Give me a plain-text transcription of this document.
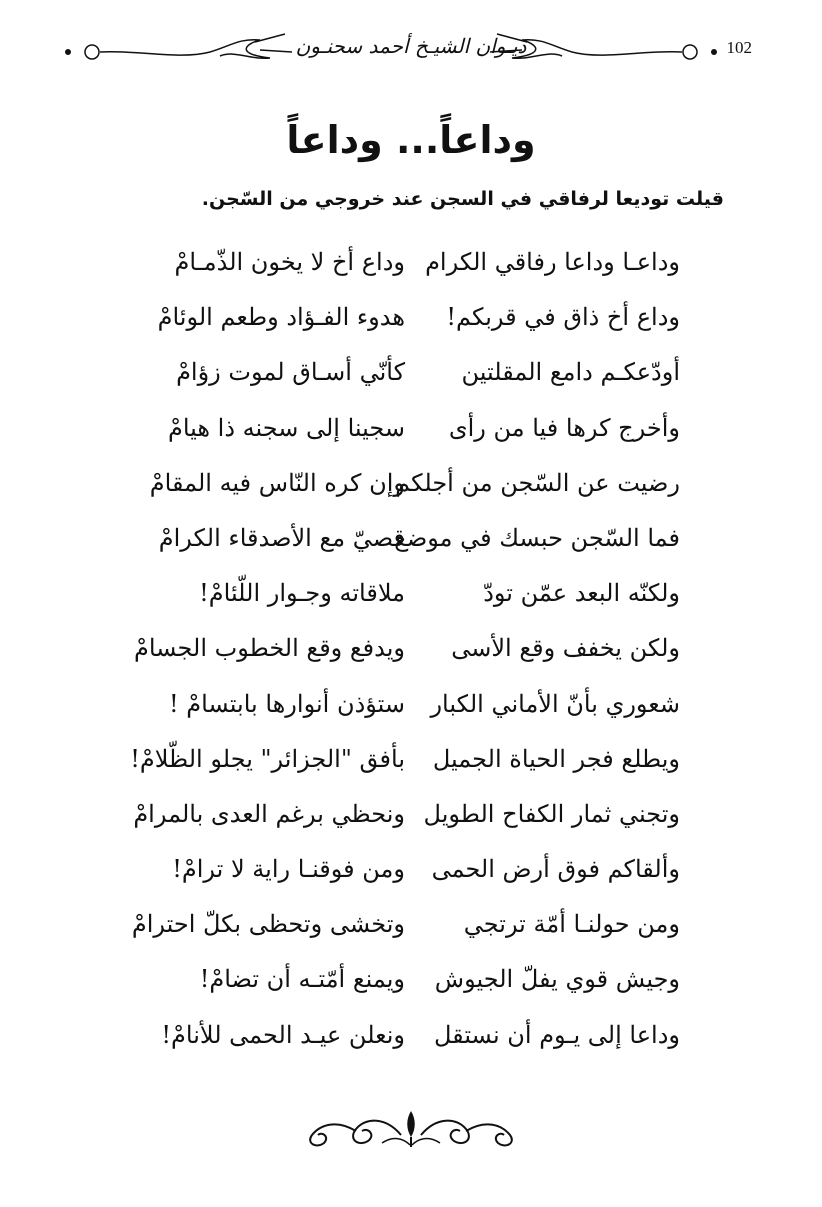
102
ديـوان الشيـخ أحمد سحنـون
وداعاً... وداعاً
قيلت توديعا لرفاقي في السجن عند خروجي من السّجن.
وداعـا وداعا رفاقي الكرام
وداع أخ لا يخون الذّمـامْ
وداع أخ ذاق في قربكم!
هدوء الفـؤاد وطعم الوئامْ
أودّعكـم دامع المقلتين
كأنّي أسـاق لموت زؤامْ
وأخرج كرها فيا من رأى
سجينا إلى سجنه ذا هيامْ
رضيت عن السّجن من أجلكم
وإن كره النّاس فيه المقامْ
فما السّجن حبسك في موضع
قصيّ مع الأصدقاء الكرامْ
ولكنّه البعد عمّن تودّ
ملاقاته وجـوار اللّئامْ!
ولكن يخفف وقع الأسى
ويدفع وقع الخطوب الجسامْ
شعوري بأنّ الأماني الكبار
ستؤذن أنوارها بابتسامْ !
ويطلع فجر الحياة الجميل
بأفق "الجزائر" يجلو الظّلامْ!
وتجني ثمار الكفاح الطويل
ونحظي برغم العدى بالمرامْ
وألقاكم فوق أرض الحمى
ومن فوقنـا راية لا ترامْ!
ومن حولنـا أمّة ترتجي
وتخشى وتحظى بكلّ احترامْ
وجيش قوي يفلّ الجيوش
ويمنع أمّتـه أن تضامْ!
وداعا إلى يـوم أن نستقل
ونعلن عيـد الحمى للأنامْ!
